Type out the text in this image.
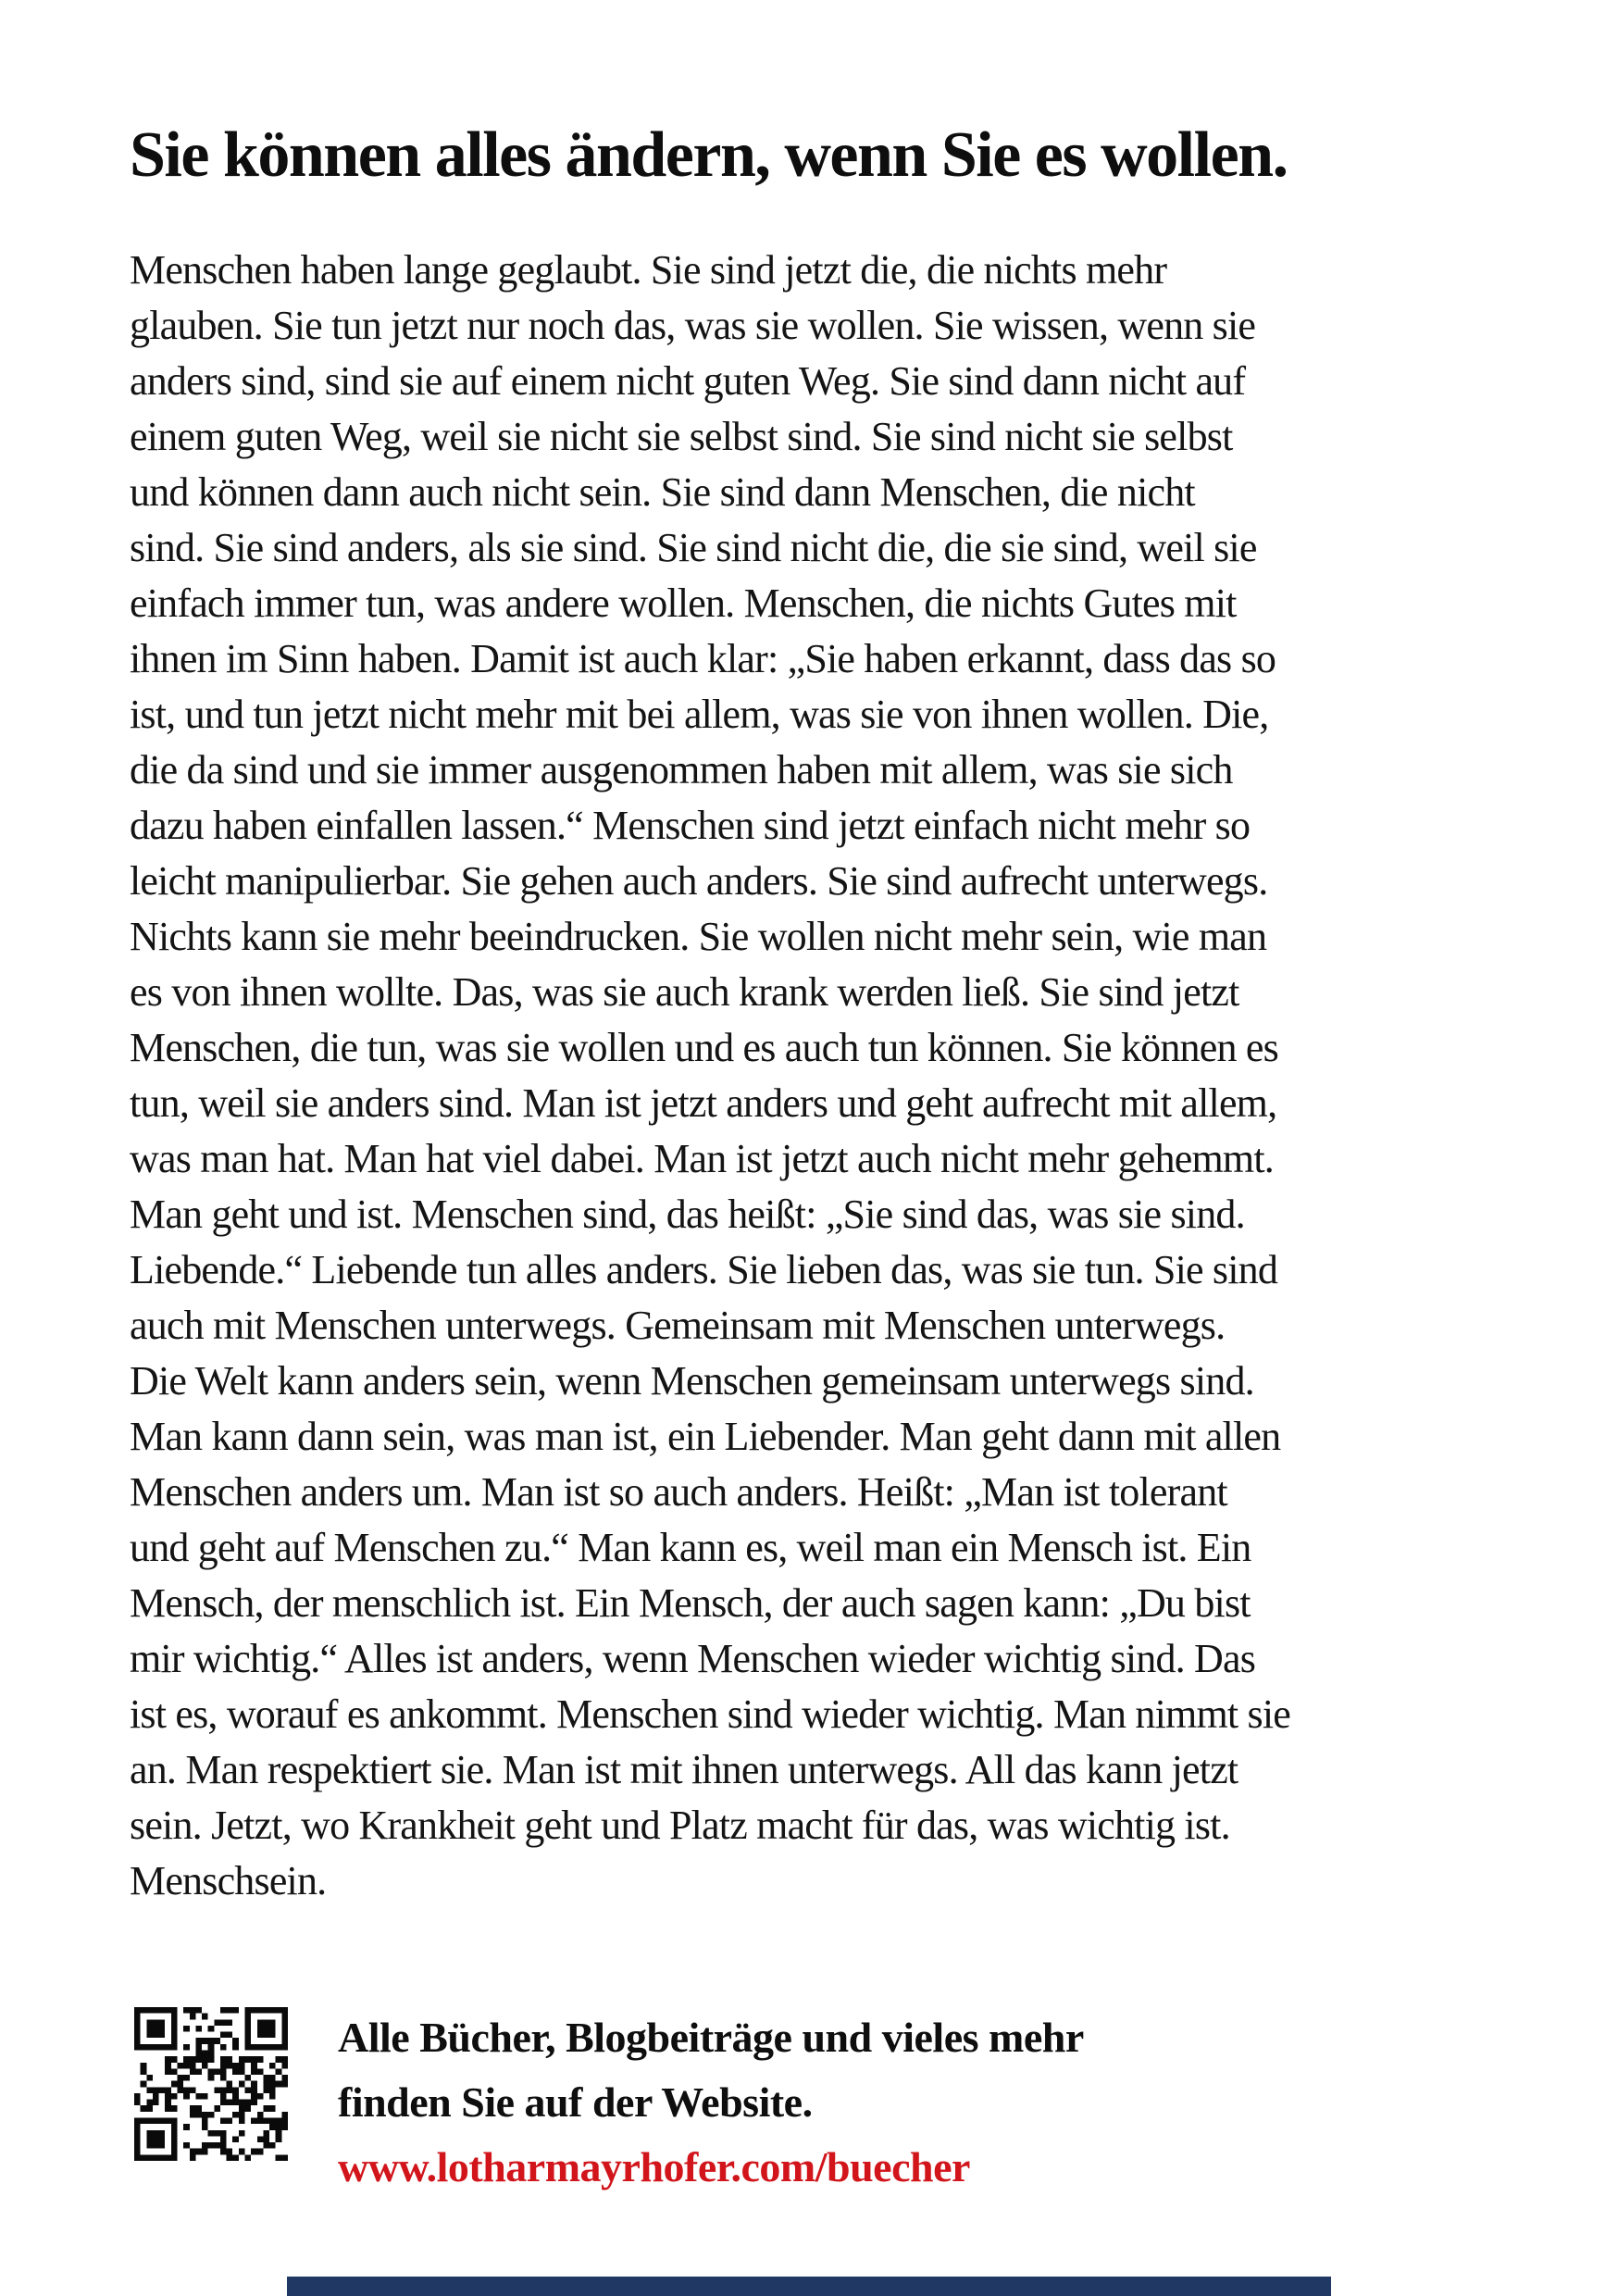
Sie können alles ändern, wenn Sie es wollen.
Menschen haben lange geglaubt. Sie sind jetzt die, die nichts mehr
glauben. Sie tun jetzt nur noch das, was sie wollen. Sie wissen, wenn sie
anders sind, sind sie auf einem nicht guten Weg. Sie sind dann nicht auf
einem guten Weg, weil sie nicht sie selbst sind. Sie sind nicht sie selbst
und können dann auch nicht sein. Sie sind dann Menschen, die nicht
sind. Sie sind anders, als sie sind. Sie sind nicht die, die sie sind, weil sie
einfach immer tun, was andere wollen. Menschen, die nichts Gutes mit
ihnen im Sinn haben. Damit ist auch klar: „Sie haben erkannt, dass das so
ist, und tun jetzt nicht mehr mit bei allem, was sie von ihnen wollen. Die,
die da sind und sie immer ausgenommen haben mit allem, was sie sich
dazu haben einfallen lassen.“ Menschen sind jetzt einfach nicht mehr so
leicht manipulierbar. Sie gehen auch anders. Sie sind aufrecht unterwegs.
Nichts kann sie mehr beeindrucken. Sie wollen nicht mehr sein, wie man
es von ihnen wollte. Das, was sie auch krank werden ließ. Sie sind jetzt
Menschen, die tun, was sie wollen und es auch tun können. Sie können es
tun, weil sie anders sind. Man ist jetzt anders und geht aufrecht mit allem,
was man hat. Man hat viel dabei. Man ist jetzt auch nicht mehr gehemmt.
Man geht und ist. Menschen sind, das heißt: „Sie sind das, was sie sind.
Liebende.“ Liebende tun alles anders. Sie lieben das, was sie tun. Sie sind
auch mit Menschen unterwegs. Gemeinsam mit Menschen unterwegs.
Die Welt kann anders sein, wenn Menschen gemeinsam unterwegs sind.
Man kann dann sein, was man ist, ein Liebender. Man geht dann mit allen
Menschen anders um. Man ist so auch anders. Heißt: „Man ist tolerant
und geht auf Menschen zu.“ Man kann es, weil man ein Mensch ist. Ein
Mensch, der menschlich ist. Ein Mensch, der auch sagen kann: „Du bist
mir wichtig.“ Alles ist anders, wenn Menschen wieder wichtig sind. Das
ist es, worauf es ankommt. Menschen sind wieder wichtig. Man nimmt sie
an. Man respektiert sie. Man ist mit ihnen unterwegs. All das kann jetzt
sein. Jetzt, wo Krankheit geht und Platz macht für das, was wichtig ist.
Menschsein.
Alle Bücher, Blogbeiträge und vieles mehr
finden Sie auf der Website.
www.lotharmayrhofer.com/buecher
